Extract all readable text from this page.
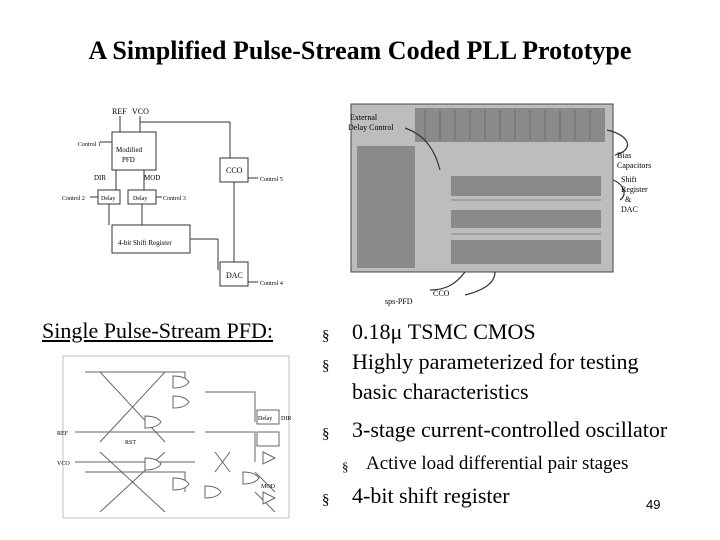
A Simplified Pulse-Stream Coded PLL Prototype
REF VCO
Control 1
Modified
PFD
DIR	MOD
CCO
Control 5
Control 2	Delay	Delay	Control 3
4-bit Shift Register
DAC
Control 4
External
Delay Control
Bias
Capacitors
Shift
Register
&
DAC
CCO
sps-PFD
Single Pulse-Stream PFD:
REF
VCO
RST
Delay DIR
MOD
§ 0.18μ TSMC CMOS
§ Highly parameterized for testing
basic characteristics
§ 3-stage current-controlled oscillator
§ Active load differential pair stages
§ 4-bit shift register	49
